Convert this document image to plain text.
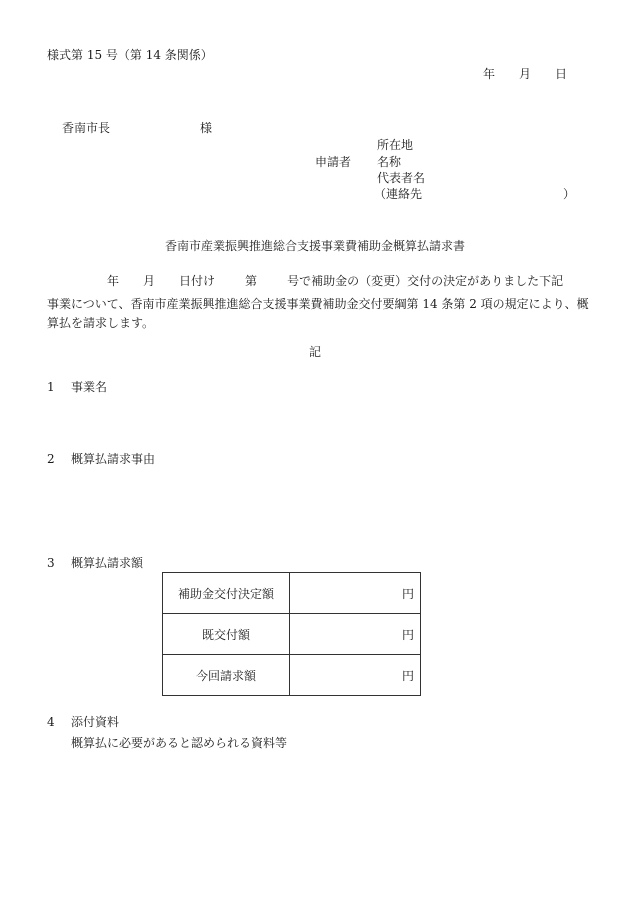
様式第 15 号（第 14 条関係）
年 月 日
香南市長	様
所在地
申請者 名称
代表者名
（連絡先	）
香南市産業振興推進総合支援事業費補助金概算払請求書
年 月 日付け	第	号で補助金の（変更）交付の決定がありました下記
事業について、香南市産業振興推進総合支援事業費補助金交付要綱第 14 条第 2 項の規定により、概
算払を請求します。
記
1	事業名
2	概算払請求事由
3	概算払請求額
補助金交付決定額	円
既交付額	円
今回請求額	円
4	添付資料
概算払に必要があると認められる資料等
